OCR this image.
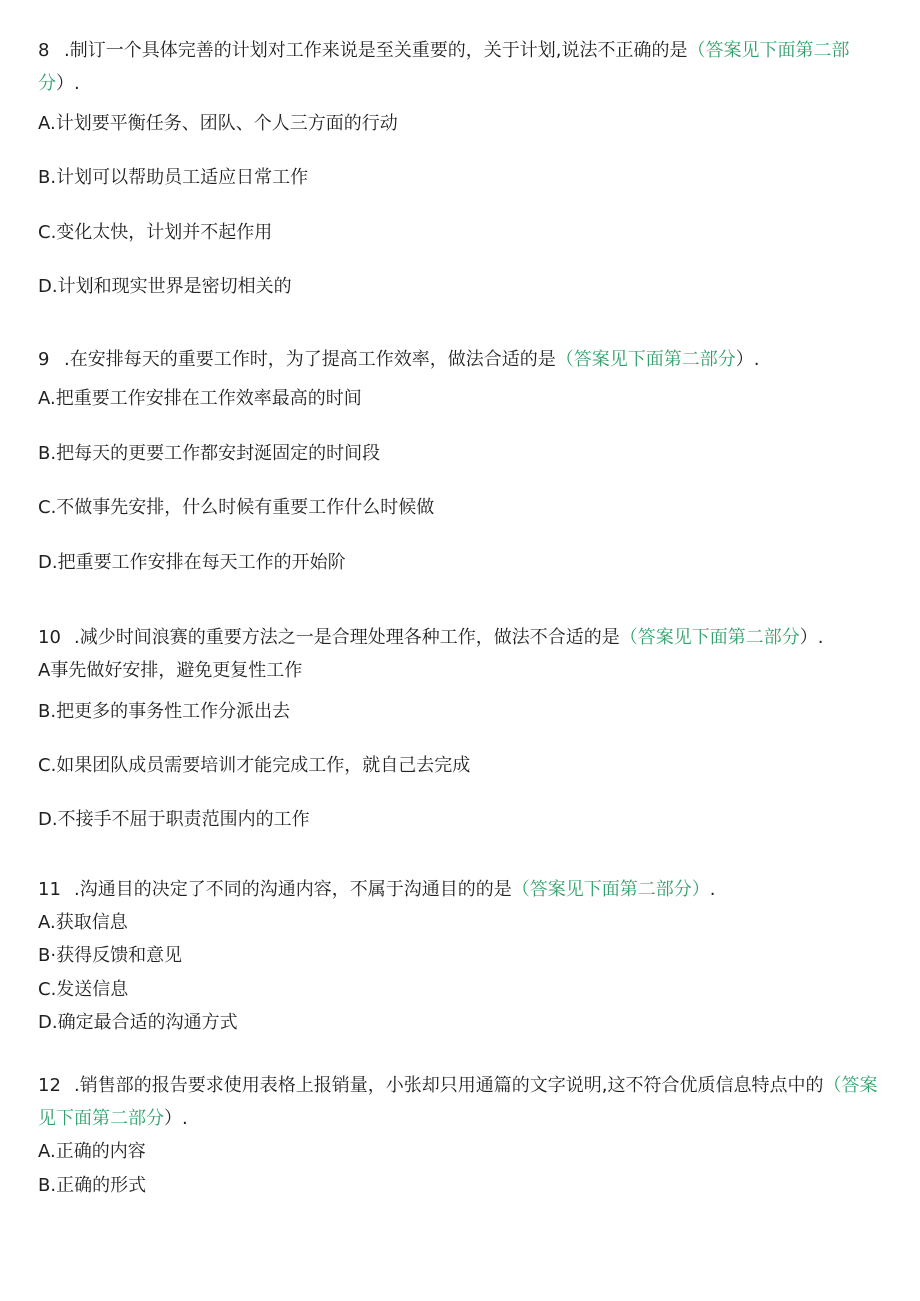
8 .制订一个具体完善的计划对工作来说是至关重要的，关于计划,说法不正确的是（答案见下面第二部分）.

A.计划要平衡任务、团队、个人三方面的行动
B.计划可以帮助员工适应日常工作
C.变化太快，计划并不起作用
D.计划和现实世界是密切相关的

9 .在安排每天的重要工作时，为了提高工作效率，做法合适的是（答案见下面第二部分）.

A.把重要工作安排在工作效率最高的时间
B.把每天的更要工作都安封涎固定的时间段
C.不做事先安排，什么时候有重要工作什么时候做
D.把重要工作安排在每天工作的开始阶

10 .减少时间浪赛的重要方法之一是合理处理各种工作，做法不合适的是（答案见下面第二部分）.

A事先做好安排，避免更复性工作
B.把更多的事务性工作分派出去
C.如果团队成员需要培训才能完成工作，就自己去完成
D.不接手不屈于职责范围内的工作

11 .沟通目的决定了不同的沟通内容，不属于沟通目的的是（答案见下面第二部分）.

A.获取信息
B·获得反馈和意见
C.发送信息
D.确定最合适的沟通方式

12 .销售部的报告要求使用表格上报销量，小张却只用通篇的文字说明,这不符合优质信息特点中的（答案见下面第二部分）.

A.正确的内容
B.正确的形式
